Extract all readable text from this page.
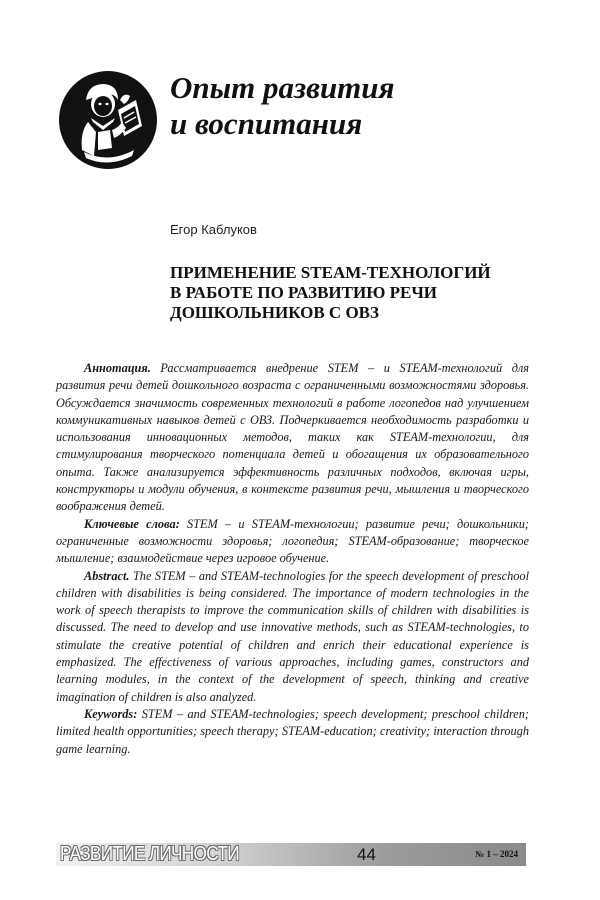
Опыт развития
и воспитания
Егор Каблуков
ПРИМЕНЕНИЕ STEAM-ТЕХНОЛОГИЙ
В РАБОТЕ ПО РАЗВИТИЮ РЕЧИ
ДОШКОЛЬНИКОВ С ОВЗ

Аннотация. Рассматривается внедрение STEM – и STEAM-технологий для развития речи детей дошкольного возраста с ограниченными возможностями здоровья. Обсуждается значимость современных технологий в работе логопедов над улучшением коммуникативных навыков детей с ОВЗ. Подчеркивается необходимость разработки и использования инновационных методов, таких как STEAM-технологии, для стимулирования творческого потенциала детей и обогащения их образовательного опыта. Также анализируется эффективность различных подходов, включая игры, конструкторы и модули обучения, в контексте развития речи, мышления и творческого воображения детей.

Ключевые слова: STEM – и STEAM-технологии; развитие речи; дошкольники; ограниченные возможности здоровья; логопедия; STEAM-образование; творческое мышление; взаимодействие через игровое обучение.

Abstract. The STEM – and STEAM-technologies for the speech development of preschool children with disabilities is being considered. The importance of modern technologies in the work of speech therapists to improve the communication skills of children with disabilities is discussed. The need to develop and use innovative methods, such as STEAM-technologies, to stimulate the creative potential of children and enrich their educational experience is emphasized. The effectiveness of various approaches, including games, constructors and learning modules, in the context of the development of speech, thinking and creative imagination of children is also analyzed.

Keywords: STEM – and STEAM-technologies; speech development; preschool children; limited health opportunities; speech therapy; STEAM-education; creativity; interaction through game learning.

РАЗВИТИЕ ЛИЧНОСТИ	44	№ 1 – 2024
